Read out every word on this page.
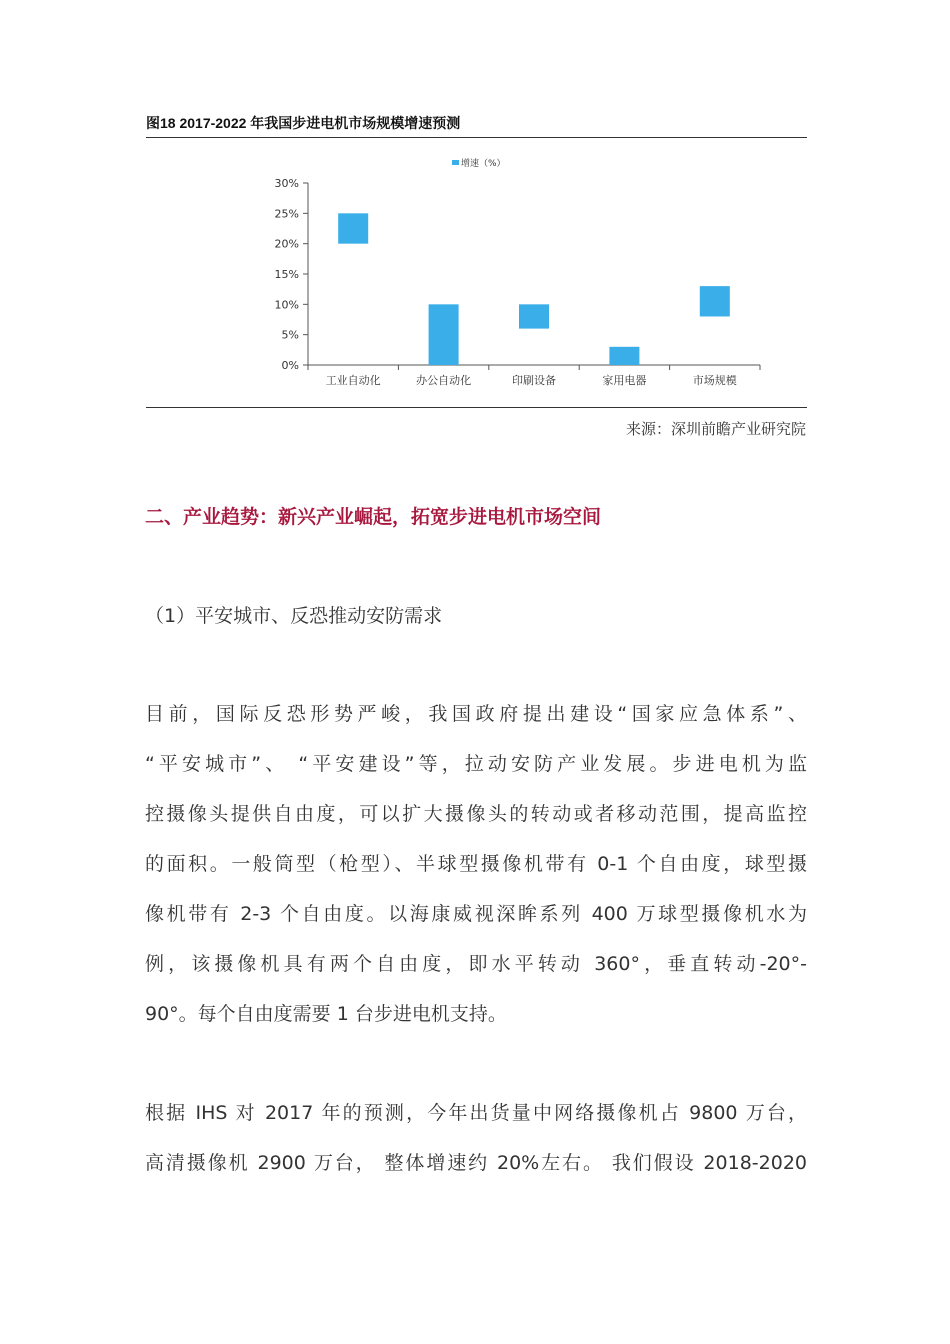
图18 2017-2022 年我国步进电机市场规模增速预测
增速（%）
0%
5%
10%
15%
20%
25%
30%
工业自动化	办公自动化	印刷设备	家用电器	市场规模
来源：深圳前瞻产业研究院
二、产业趋势：新兴产业崛起，拓宽步进电机市场空间
（1）平安城市、反恐推动安防需求
目前，国际反恐形势严峻，我国政府提出建设“国家应急体系”、
“平安城市”、 “平安建设”等，拉动安防产业发展。步进电机为监
控摄像头提供自由度，可以扩大摄像头的转动或者移动范围，提高监控
的面积。一般筒型（枪型）、半球型摄像机带有 0-1 个自由度，球型摄
像机带有 2-3 个自由度。以海康威视深眸系列 400 万球型摄像机水为
例，该摄像机具有两个自由度，即水平转动 360°，垂直转动-20°-
90°。每个自由度需要 1 台步进电机支持。
根据 IHS 对 2017 年的预测，今年出货量中网络摄像机占 9800 万台，
高清摄像机 2900 万台， 整体增速约 20%左右。 我们假设 2018-2020
